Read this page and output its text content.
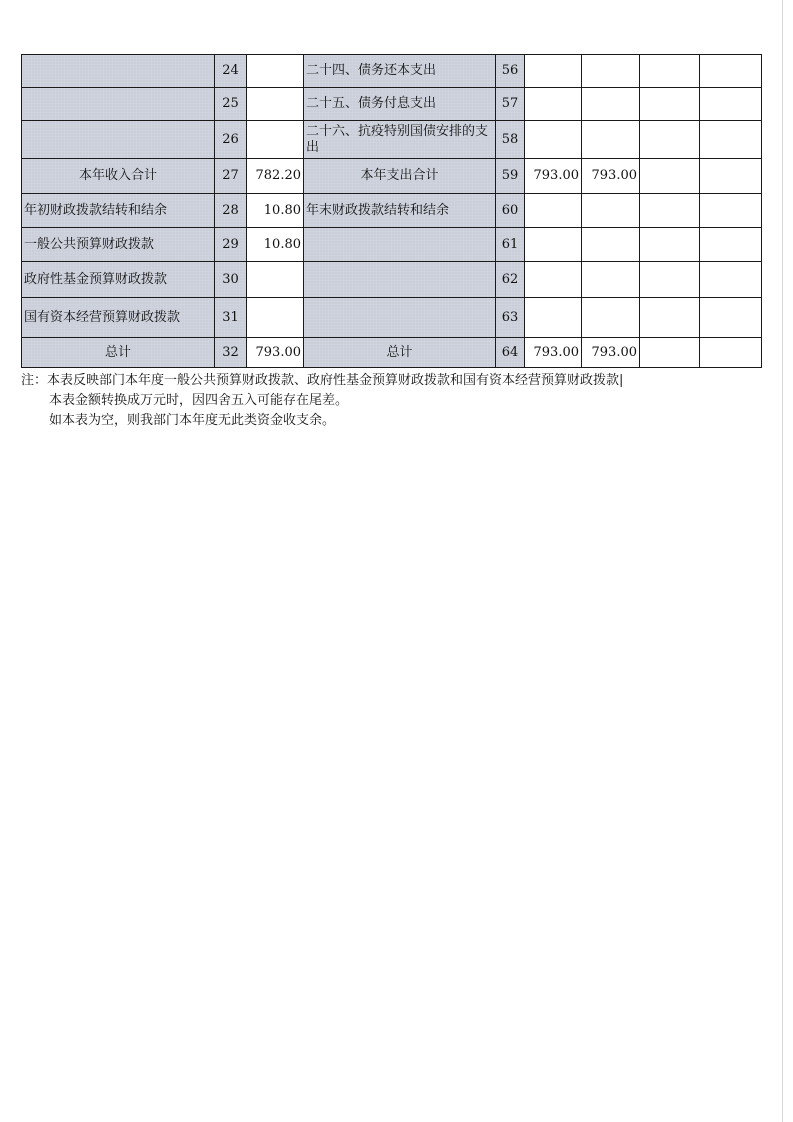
	24		二十四、债务还本支出	56				
	25		二十五、债务付息支出	57				
	26		二十六、抗疫特别国债安排的支出	58				
本年收入合计	27	782.20	本年支出合计	59	793.00	793.00		
年初财政拨款结转和结余	28	10.80	年末财政拨款结转和结余	60				
一般公共预算财政拨款	29	10.80		61				
政府性基金预算财政拨款	30			62				
国有资本经营预算财政拨款	31			63				
总计	32	793.00	总计	64	793.00	793.00		
注：本表反映部门本年度一般公共预算财政拨款、政府性基金预算财政拨款和国有资本经营预算财政拨款|
本表金额转换成万元时，因四舍五入可能存在尾差。
如本表为空，则我部门本年度无此类资金收支余。
